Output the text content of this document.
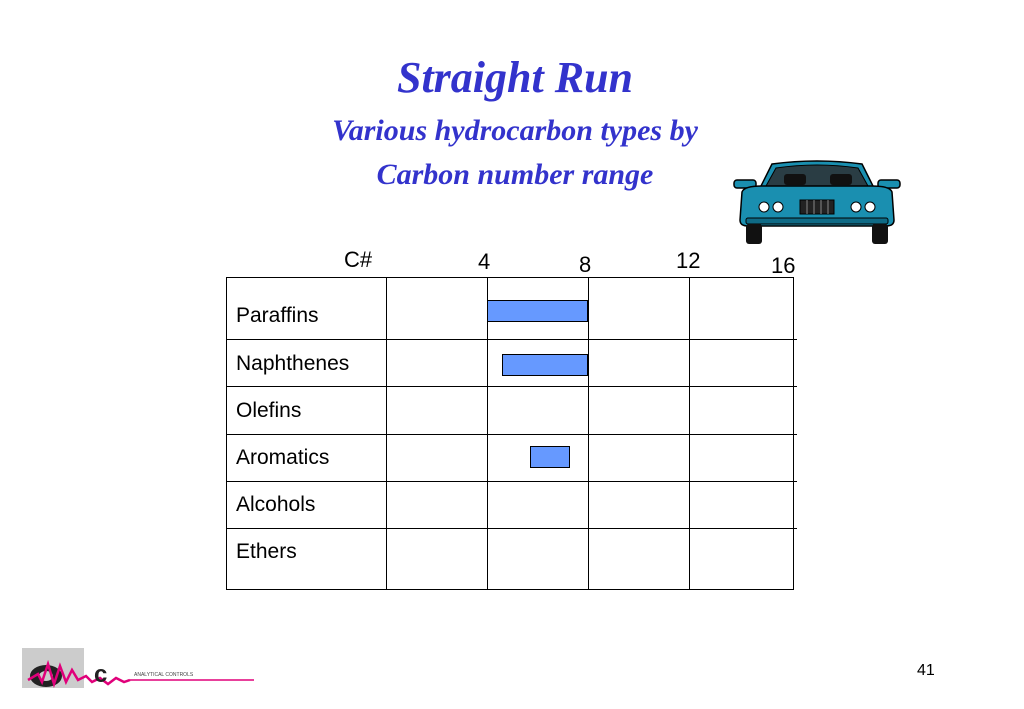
Straight Run
Various hydrocarbon types by
Carbon number range
C#	4	8	12	16
Paraffins
Naphthenes
Olefins
Aromatics
Alcohols
Ethers
c	ANALYTICAL CONTROLS	41
